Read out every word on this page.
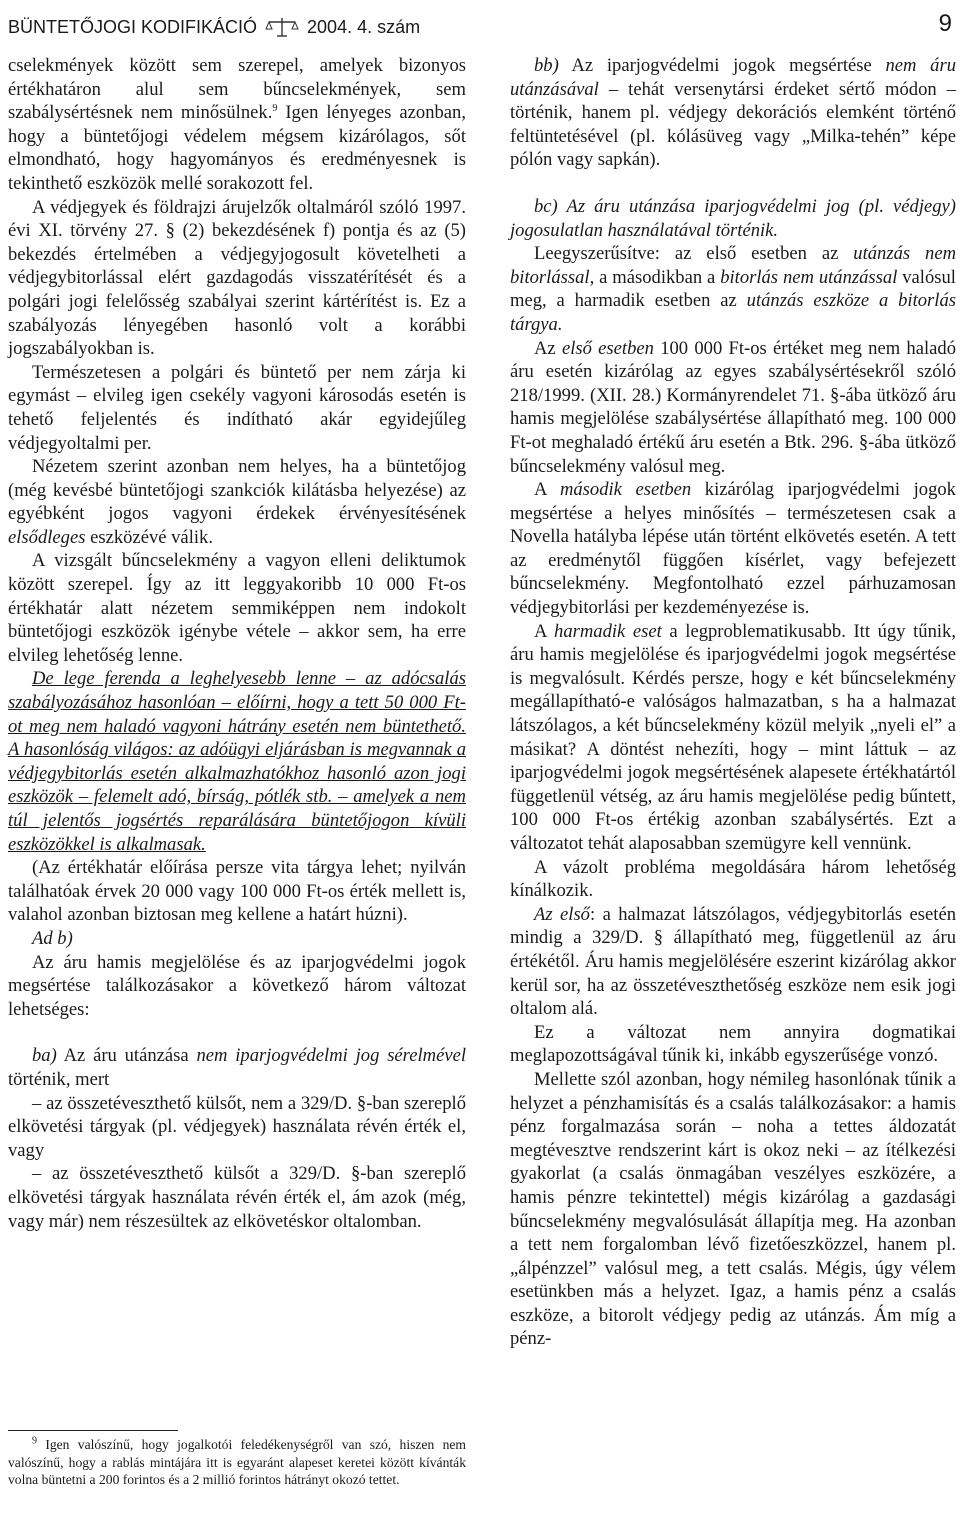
BÜNTETŐJOGI KODIFIKÁCIÓ	2004. 4. szám	9

cselekmények között sem szerepel, amelyek bizonyos értékhatáron alul sem bűncselekmények, sem szabálysértésnek nem minősülnek.$^9$ Igen lényeges azonban, hogy a büntetőjogi védelem mégsem kizárólagos, sőt elmondható, hogy hagyományos és eredményesnek is tekinthető eszközök mellé sorakozott fel.

A védjegyek és földrajzi árujelzők oltalmáról szóló 1997. évi XI. törvény 27. § (2) bekezdésének f) pontja és az (5) bekezdés értelmében a védjegyjogosult követelheti a védjegybitorlással elért gazdagodás visszatérítését és a polgári jogi felelősség szabályai szerint kártérítést is. Ez a szabályozás lényegében hasonló volt a korábbi jogszabályokban is.

Természetesen a polgári és büntető per nem zárja ki egymást – elvileg igen csekély vagyoni károsodás esetén is tehető feljelentés és indítható akár egyidejűleg védjegyoltalmi per.

Nézetem szerint azonban nem helyes, ha a büntetőjog (még kevésbé büntetőjogi szankciók kilátásba helyezése) az egyébként jogos vagyoni érdekek érvényesítésének elsődleges eszközévé válik.

A vizsgált bűncselekmény a vagyon elleni deliktumok között szerepel. Így az itt leggyakoribb 10 000 Ft-os értékhatár alatt nézetem semmiképpen nem indokolt büntetőjogi eszközök igénybe vétele – akkor sem, ha erre elvileg lehetőség lenne.

De lege ferenda a leghelyesebb lenne – az adócsalás szabályozásához hasonlóan – előírni, hogy a tett 50 000 Ft-ot meg nem haladó vagyoni hátrány esetén nem büntethető. A hasonlóság világos: az adóügyi eljárásban is megvannak a védjegybitorlás esetén alkalmazhatókhoz hasonló azon jogi eszközök – felemelt adó, bírság, pótlék stb. – amelyek a nem túl jelentős jogsértés reparálására büntetőjogon kívüli eszközökkel is alkalmasak.

(Az értékhatár előírása persze vita tárgya lehet; nyilván találhatóak érvek 20 000 vagy 100 000 Ft-os érték mellett is, valahol azonban biztosan meg kellene a határt húzni).

Ad b)

Az áru hamis megjelölése és az iparjogvédelmi jogok megsértése találkozásakor a következő három változat lehetséges:

ba) Az áru utánzása nem iparjogvédelmi jog sérelmével történik, mert

– az összetéveszthető külsőt, nem a 329/D. §-ban szereplő elkövetési tárgyak (pl. védjegyek) használata révén érték el, vagy

– az összetéveszthető külsőt a 329/D. §-ban szereplő elkövetési tárgyak használata révén érték el, ám azok (még, vagy már) nem részesültek az elkövetéskor oltalomban.

$^9$ Igen valószínű, hogy jogalkotói feledékenységről van szó, hiszen nem valószínű, hogy a rablás mintájára itt is egyaránt alapeset keretei között kívánták volna büntetni a 200 forintos és a 2 millió forintos hátrányt okozó tettet.

bb) Az iparjogvédelmi jogok megsértése nem áru utánzásával – tehát versenytársi érdeket sértő módon – történik, hanem pl. védjegy dekorációs elemként történő feltüntetésével (pl. kólásüveg vagy „Milka-tehén” képe pólón vagy sapkán).

bc) Az áru utánzása iparjogvédelmi jog (pl. védjegy) jogosulatlan használatával történik.

Leegyszerűsítve: az első esetben az utánzás nem bitorlással, a másodikban a bitorlás nem utánzással valósul meg, a harmadik esetben az utánzás eszköze a bitorlás tárgya.

Az első esetben 100 000 Ft-os értéket meg nem haladó áru esetén kizárólag az egyes szabálysértésekről szóló 218/1999. (XII. 28.) Kormányrendelet 71. §-ába ütköző áru hamis megjelölése szabálysértése állapítható meg. 100 000 Ft-ot meghaladó értékű áru esetén a Btk. 296. §-ába ütköző bűncselekmény valósul meg.

A második esetben kizárólag iparjogvédelmi jogok megsértése a helyes minősítés – természetesen csak a Novella hatályba lépése után történt elkövetés esetén. A tett az eredménytől függően kísérlet, vagy befejezett bűncselekmény. Megfontolható ezzel párhuzamosan védjegybitorlási per kezdeményezése is.

A harmadik eset a legproblematikusabb. Itt úgy tűnik, áru hamis megjelölése és iparjogvédelmi jogok megsértése is megvalósult. Kérdés persze, hogy e két bűncselekmény megállapítható-e valóságos halmazatban, s ha a halmazat látszólagos, a két bűncselekmény közül melyik „nyeli el” a másikat? A döntést nehezíti, hogy – mint láttuk – az iparjogvédelmi jogok megsértésének alapesete értékhatártól függetlenül vétség, az áru hamis megjelölése pedig bűntett, 100 000 Ft-os értékig azonban szabálysértés. Ezt a változatot tehát alaposabban szemügyre kell vennünk.

A vázolt probléma megoldására három lehetőség kínálkozik.

Az első: a halmazat látszólagos, védjegybitorlás esetén mindig a 329/D. § állapítható meg, függetlenül az áru értékétől. Áru hamis megjelölésére eszerint kizárólag akkor kerül sor, ha az összetéveszthetőség eszköze nem esik jogi oltalom alá.

Ez a változat nem annyira dogmatikai meglapozottságával tűnik ki, inkább egyszerűsége vonzó.

Mellette szól azonban, hogy némileg hasonlónak tűnik a helyzet a pénzhamisítás és a csalás találkozásakor: a hamis pénz forgalmazása során – noha a tettes áldozatát megtévesztve rendszerint kárt is okoz neki – az ítélkezési gyakorlat (a csalás önmagában veszélyes eszközére, a hamis pénzre tekintettel) mégis kizárólag a gazdasági bűncselekmény megvalósulását állapítja meg. Ha azonban a tett nem forgalomban lévő fizetőeszközzel, hanem pl. „álpénzzel” valósul meg, a tett csalás. Mégis, úgy vélem esetünkben más a helyzet. Igaz, a hamis pénz a csalás eszköze, a bitorolt védjegy pedig az utánzás. Ám míg a pénz-
